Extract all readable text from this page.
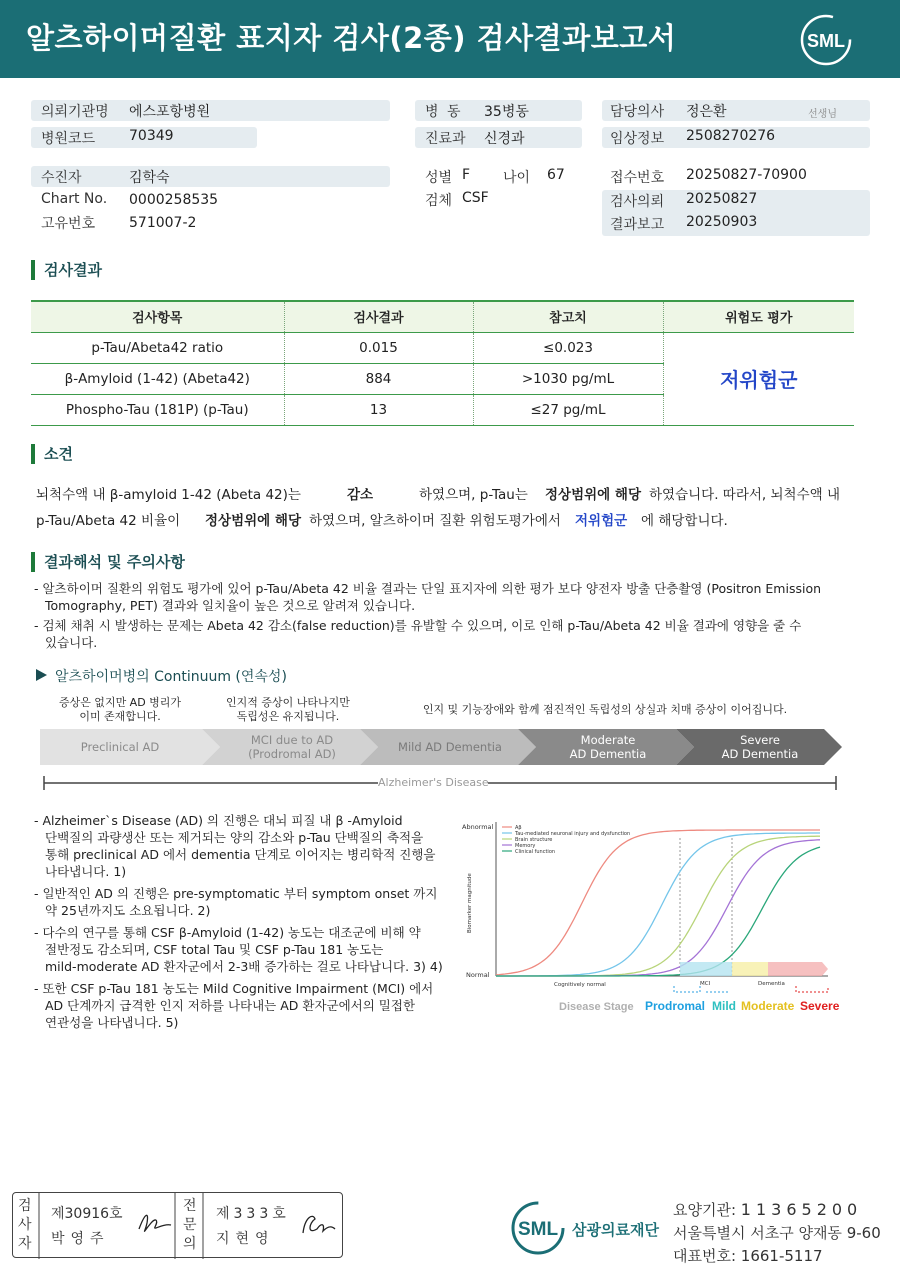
알츠하이머질환 표지자 검사(2종) 검사결과보고서	SML
의뢰기관명 에스포항병원
병원코드 70349
병 동 35병동
진료과 신경과
담당의사 정은환	선생님
임상정보 2508270276
수진자	김학숙
Chart No. 0000258535
고유번호 571007-2
성별 F 나이 67
검체 CSF
접수번호 20250827-70900
검사의뢰 20250827
결과보고 20250903
검사결과
검사항목	검사결과	참고치	위험도 평가
p-Tau/Abeta42 ratio	0.015	≤0.023	저위험군
β-Amyloid (1-42) (Abeta42)	884	>1030 pg/mL	
Phospho-Tau (181P) (p-Tau)	13	≤27 pg/mL	
소견
뇌척수액 내 β-amyloid 1-42 (Abeta 42)는	감소	하였으며, p-Tau는 정상범위에 해당 하였습니다. 따라서, 뇌척수액 내
p-Tau/Abeta 42 비율이 정상범위에 해당 하였으며, 알츠하이머 질환 위험도평가에서 저위험군 에 해당합니다.
결과해석 및 주의사항
- 알츠하이머 질환의 위험도 평가에 있어 p-Tau/Abeta 42 비율 결과는 단일 표지자에 의한 평가 보다 양전자 방출 단층촬영 (Positron Emission
Tomography, PET) 결과와 일치율이 높은 것으로 알려져 있습니다.
- 검체 채취 시 발생하는 문제는 Abeta 42 감소(false reduction)를 유발할 수 있으며, 이로 인해 p-Tau/Abeta 42 비율 결과에 영향을 줄 수
있습니다.
알츠하이머병의 Continuum (연속성)
증상은 없지만 AD 병리가
이미 존재합니다.
인지적 증상이 나타나지만
독립성은 유지됩니다.
인지 및 기능장애와 함께 점진적인 독립성의 상실과 치매 증상이 이어집니다.
Preclinical AD	MCI due to AD
(Prodromal AD)	Mild AD Dementia	Moderate
AD Dementia
Severe
AD Dementia
Alzheimer's Disease
- Alzheimer`s Disease (AD) 의 진행은 대뇌 피질 내 β -Amyloid
단백질의 과량생산 또는 제거되는 양의 감소와 p-Tau 단백질의 축적을
통해 preclinical AD 에서 dementia 단계로 이어지는 병리학적 진행을
나타냅니다. 1)
- 일반적인 AD 의 진행은 pre-symptomatic 부터 symptom onset 까지
약 25년까지도 소요됩니다. 2)
- 다수의 연구를 통해 CSF β-Amyloid (1-42) 농도는 대조군에 비해 약
절반정도 감소되며, CSF total Tau 및 CSF p-Tau 181 농도는
mild-moderate AD 환자군에서 2-3배 증가하는 걸로 나타납니다. 3) 4)
- 또한 CSF p-Tau 181 농도는 Mild Cognitive Impairment (MCI) 에서
AD 단계까지 급격한 인지 저하를 나타내는 AD 환자군에서의 밀접한
연관성을 나타냅니다. 5)
Abnormal
Normal
Biomarker magnitude
Cognitively normal	MCI	Dementia
Aβ
Tau-mediated neuronal injury and dysfunction
Brain structure
Memory
Clinical function
Disease Stage Prodromal Mild Moderate Severe
검사자
제30916호
박영주
전문의
제333호
지현영	SML 삼광의료재단
요양기관: 11365200
서울특별시 서초구 양재동 9-60
대표번호: 1661-5117
